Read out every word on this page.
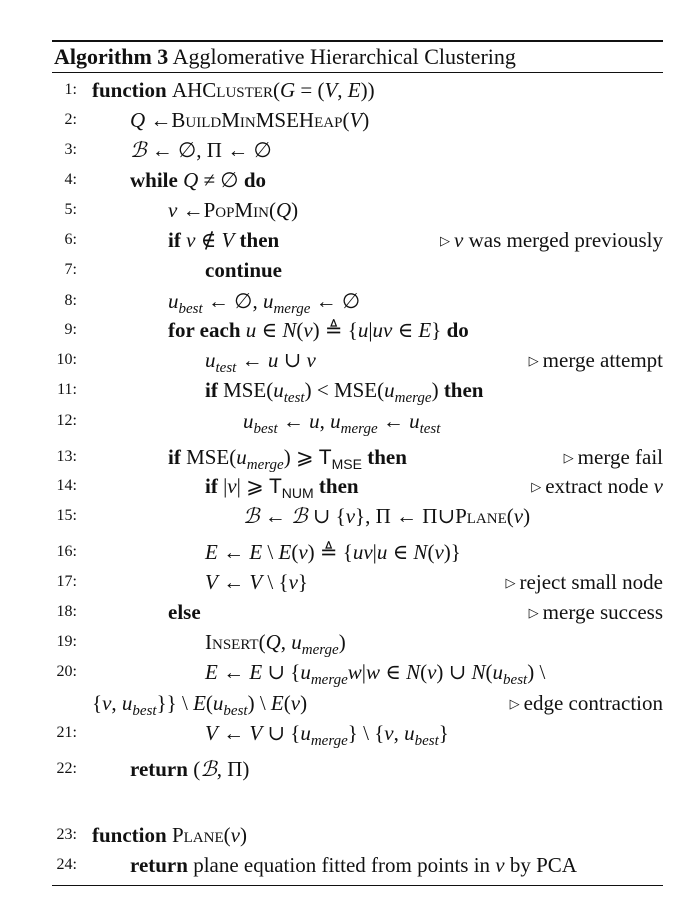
Algorithm 3 Agglomerative Hierarchical Clustering
1: function AHCluster(G = (V, E))
2:	Q ←BuildMinMSEHeap(V)
3:	ℬ ← ∅, Π ← ∅
4:	while Q ≠ ∅ do
5:	v ←PopMin(Q)
6:	if v ∉ V then	▷ v was merged previously
7:	continue
8:	$u_{best}$ ← ∅, $u_{merge}$ ← ∅
9:	for each u ∈ N(v) ≜ {u|uv ∈ E} do
10:	$u_{test}$ ← u ∪ v	▷ merge attempt
11:	if $MSE(u_{test}) < MSE(u_{merge})$ then
12:	$u_{best}$ ← u, $u_{merge}$ ← $u_{test}$
13:	if $MSE(u_{merge})$ ⩾ $T_{MSE}$ then	▷ merge fail
14:	if |v| ⩾ $T_{NUM}$ then	▷ extract node v
15:	ℬ ← ℬ ∪ {v}, Π ← Π∪Plane(v)
16:	E ← E \ E(v) ≜ {uv|u ∈ N(v)}
17:	V ← V \ {v}	▷ reject small node
18:	else	▷ merge success
19:	Insert(Q, $u_{merge}$)
20:	E ← E ∪ {$u_{merge}w|w$ ∈ N(v) ∪ $N(u_{best})$ \
{v, $u_{best}$}} \ $E(u_{best})$ \ E(v)	▷ edge contraction
21:	V ← V ∪ $\{u_{merge}\}$ \ {v, $u_{best}$}
22:	return (ℬ, Π)
23: function Plane(v)
24:	return plane equation fitted from points in v by PCA
